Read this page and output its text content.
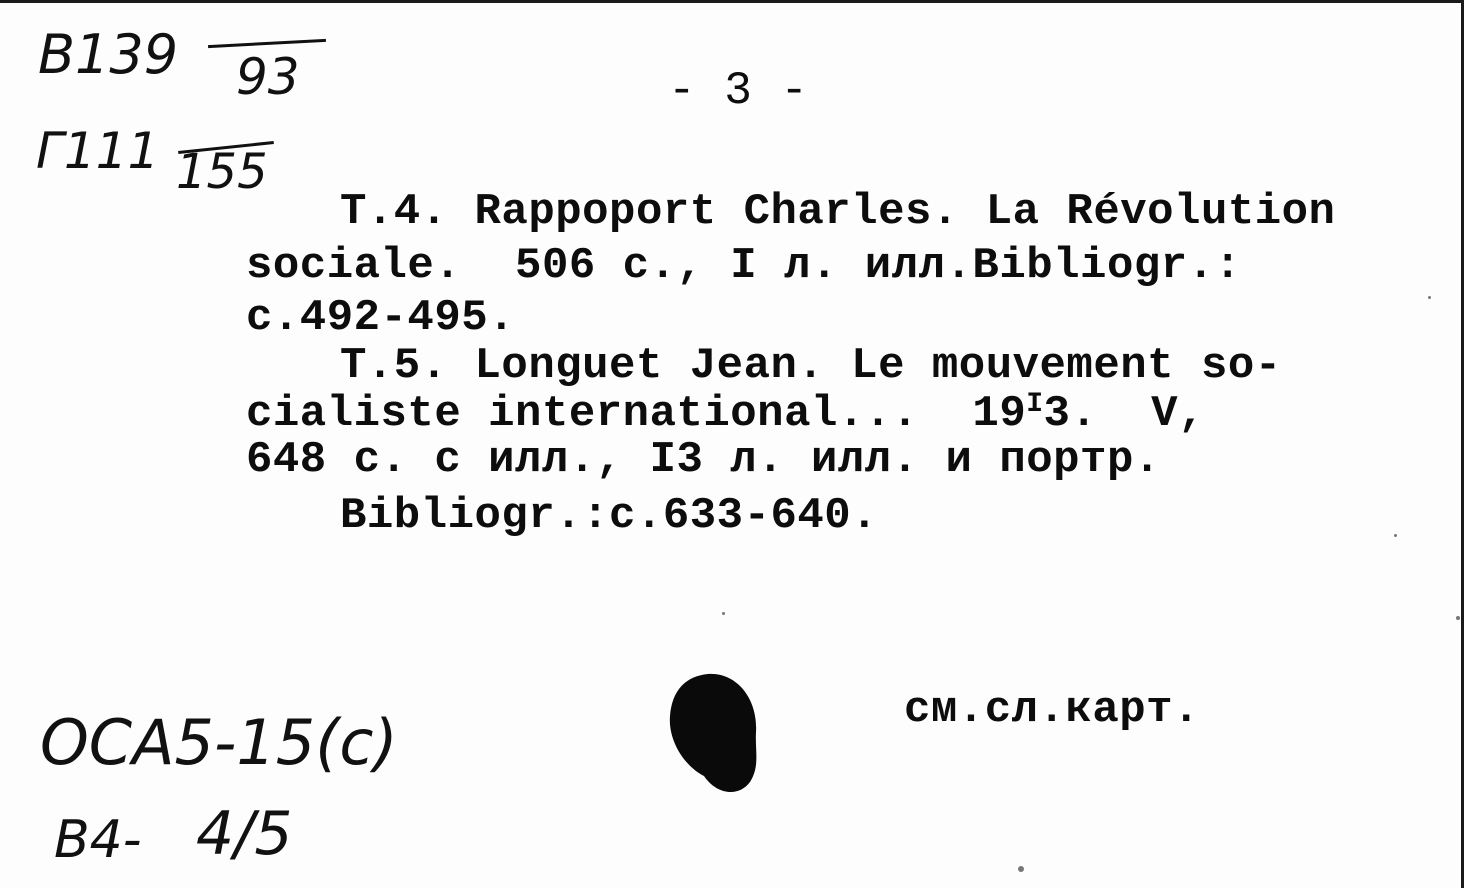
В139 93
Г111 155
- 3 -
T.4. Rappoport Charles. La Révolution
sociale.  506 с., I л. илл.Bibliogr.:
с.492-495.
T.5. Longuet Jean. Le mouvement so-
cialiste international...  $19^I3$.  V,
648 с. с илл., I3 л. илл. и портр.
Bibliogr.:с.633-640.
см.сл.карт.
ОСА5-15(с)
В4- 4/5
